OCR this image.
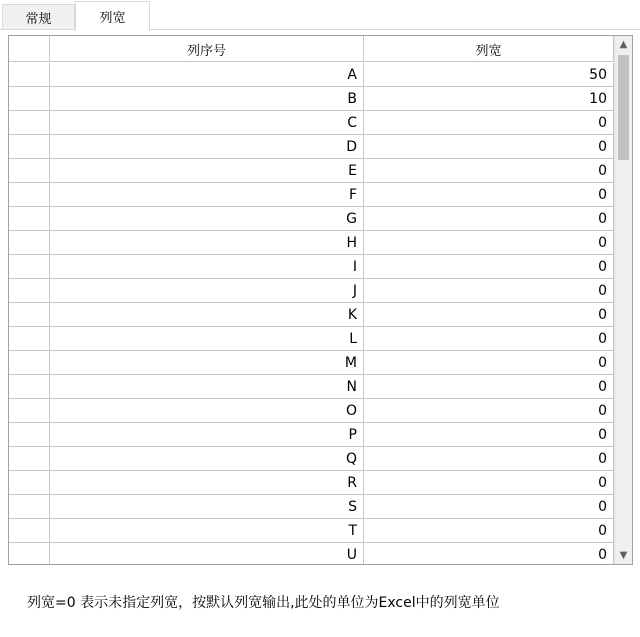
常规	列宽
列序号	列宽
A	50
B	10
C	0
D	0
E	0
F	0
G	0
H	0
I	0
J	0
K	0
L	0
M	0
N	0
O	0
P	0
Q	0
R	0
S	0
T	0
U	0
▲
▼
列宽=0 表示未指定列宽，按默认列宽输出,此处的单位为Excel中的列宽单位
